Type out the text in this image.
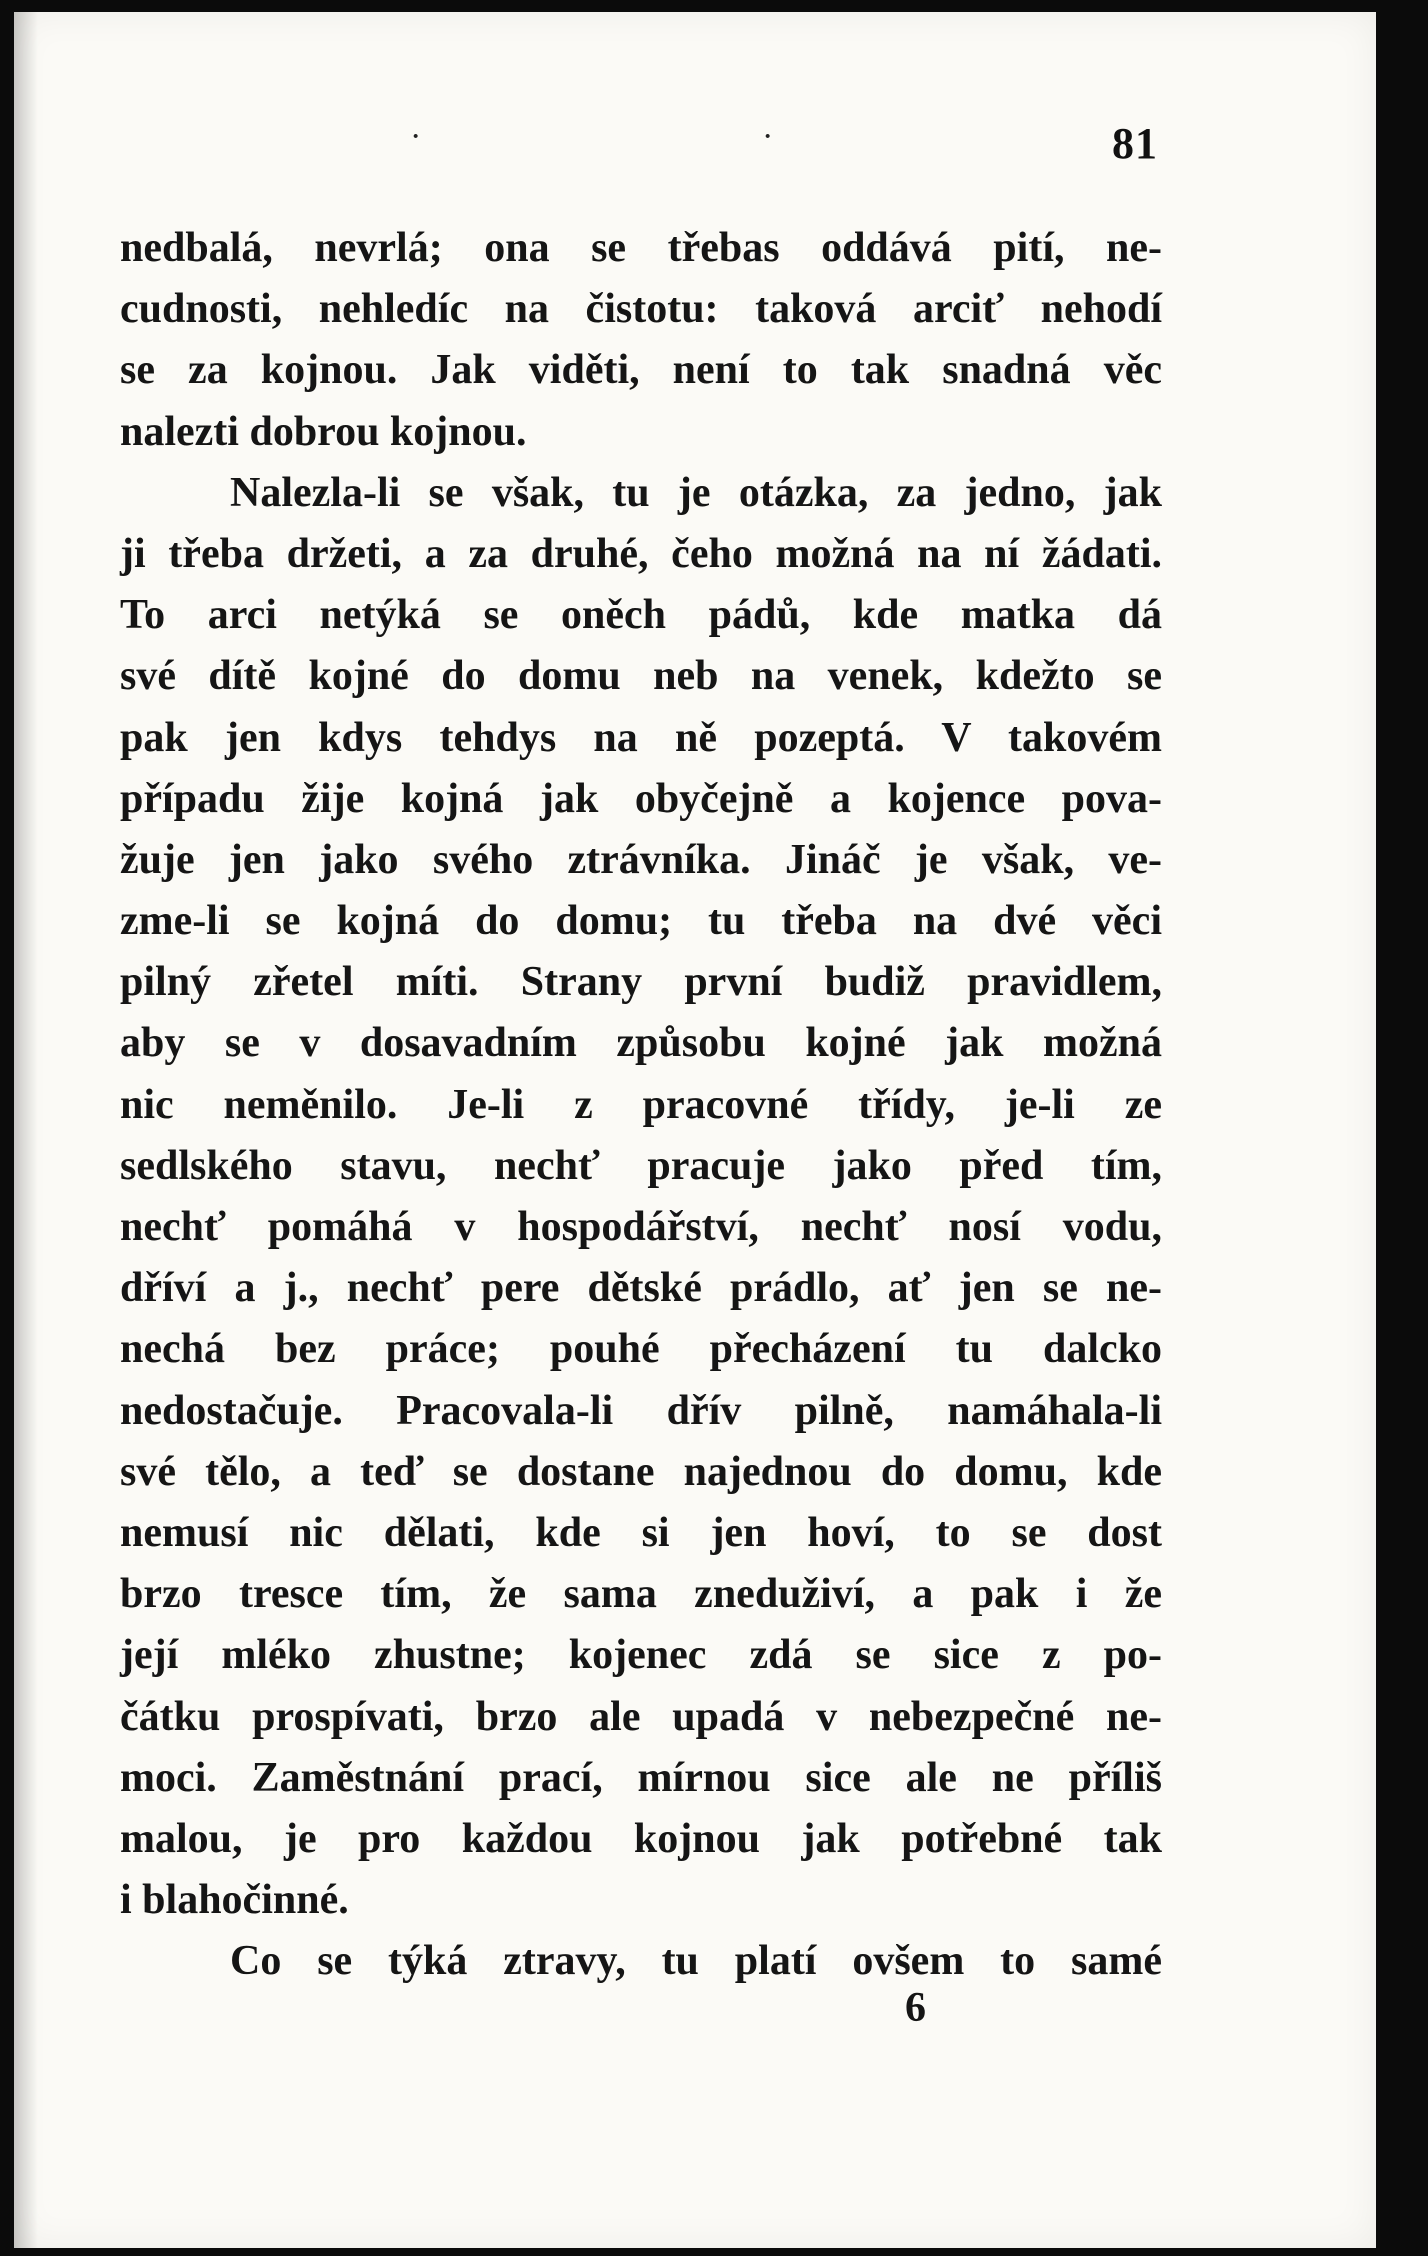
·	·	81
nedbalá, nevrlá; ona se třebas oddává pití, ne-
cudnosti, nehledíc na čistotu: taková arciť nehodí
se za kojnou. Jak viděti, není to tak snadná věc
nalezti dobrou kojnou.
Nalezla-li se však, tu je otázka, za jedno, jak
ji třeba držeti, a za druhé, čeho možná na ní žádati.
To arci netýká se oněch pádů, kde matka dá
své dítě kojné do domu neb na venek, kdežto se
pak jen kdys tehdys na ně pozeptá. V takovém
případu žije kojná jak obyčejně a kojence pova-
žuje jen jako svého ztrávníka. Jináč je však, ve-
zme-li se kojná do domu; tu třeba na dvé věci
pilný zřetel míti. Strany první budiž pravidlem,
aby se v dosavadním způsobu kojné jak možná
nic neměnilo. Je-li z pracovné třídy, je-li ze
sedlského stavu, nechť pracuje jako před tím,
nechť pomáhá v hospodářství, nechť nosí vodu,
dříví a j., nechť pere dětské prádlo, ať jen se ne-
nechá bez práce; pouhé přecházení tu dalcko
nedostačuje. Pracovala-li dřív pilně, namáhala-li
své tělo, a teď se dostane najednou do domu, kde
nemusí nic dělati, kde si jen hoví, to se dost
brzo tresce tím, že sama zneduživí, a pak i že
její mléko zhustne; kojenec zdá se sice z po-
čátku prospívati, brzo ale upadá v nebezpečné ne-
moci. Zaměstnání prací, mírnou sice ale ne příliš
malou, je pro každou kojnou jak potřebné tak
i blahočinné.
Co se týká ztravy, tu platí ovšem to samé
6
